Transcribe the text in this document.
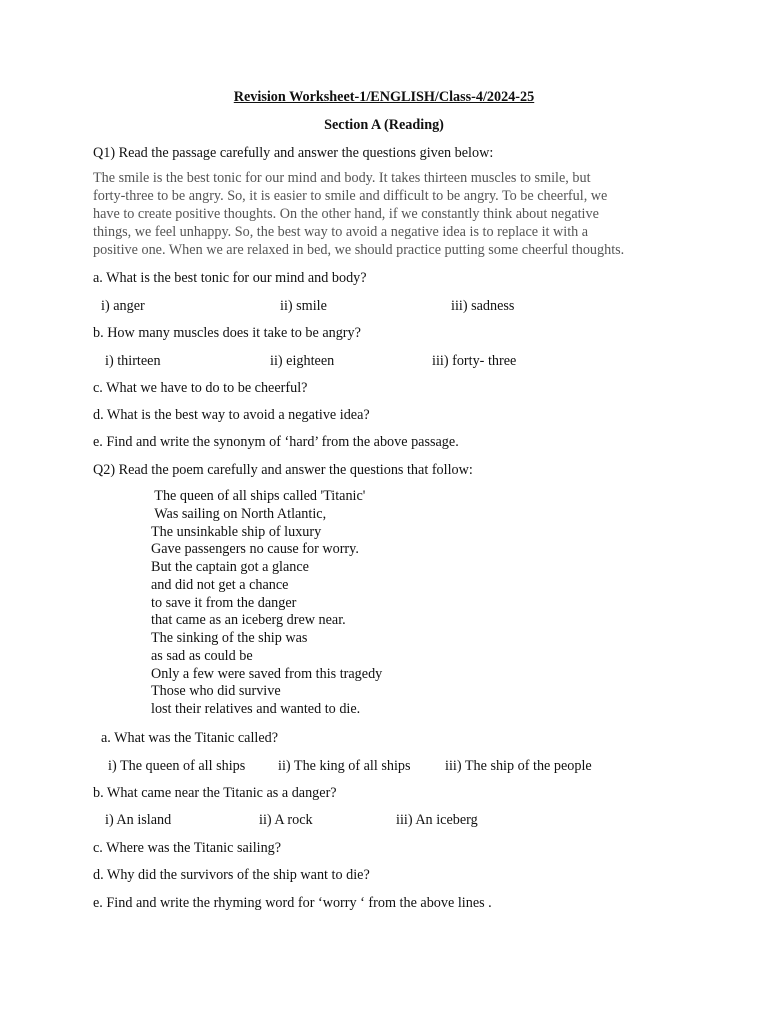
Revision Worksheet-1/ENGLISH/Class-4/2024-25
Section A (Reading)
Q1) Read the passage carefully and answer the questions given below:
The smile is the best tonic for our mind and body. It takes thirteen muscles to smile, but
forty-three to be angry. So, it is easier to smile and difficult to be angry. To be cheerful, we
have to create positive thoughts. On the other hand, if we constantly think about negative
things, we feel unhappy. So, the best way to avoid a negative idea is to replace it with a
positive one. When we are relaxed in bed, we should practice putting some cheerful thoughts.
a. What is the best tonic for our mind and body?
i) anger	ii) smile	iii) sadness
b. How many muscles does it take to be angry?
i) thirteen	ii) eighteen	iii) forty- three
c. What we have to do to be cheerful?
d. What is the best way to avoid a negative idea?
e. Find and write the synonym of ‘hard’ from the above passage.
Q2) Read the poem carefully and answer the questions that follow:
The queen of all ships called 'Titanic'
Was sailing on North Atlantic,
The unsinkable ship of luxury
Gave passengers no cause for worry.
But the captain got a glance
and did not get a chance
to save it from the danger
that came as an iceberg drew near.
The sinking of the ship was
as sad as could be
Only a few were saved from this tragedy
Those who did survive
lost their relatives and wanted to die.
a. What was the Titanic called?
i) The queen of all ships ii) The king of all ships iii) The ship of the people
b. What came near the Titanic as a danger?
i) An island	ii) A rock	iii) An iceberg
c. Where was the Titanic sailing?
d. Why did the survivors of the ship want to die?
e. Find and write the rhyming word for ‘worry ‘ from the above lines .
